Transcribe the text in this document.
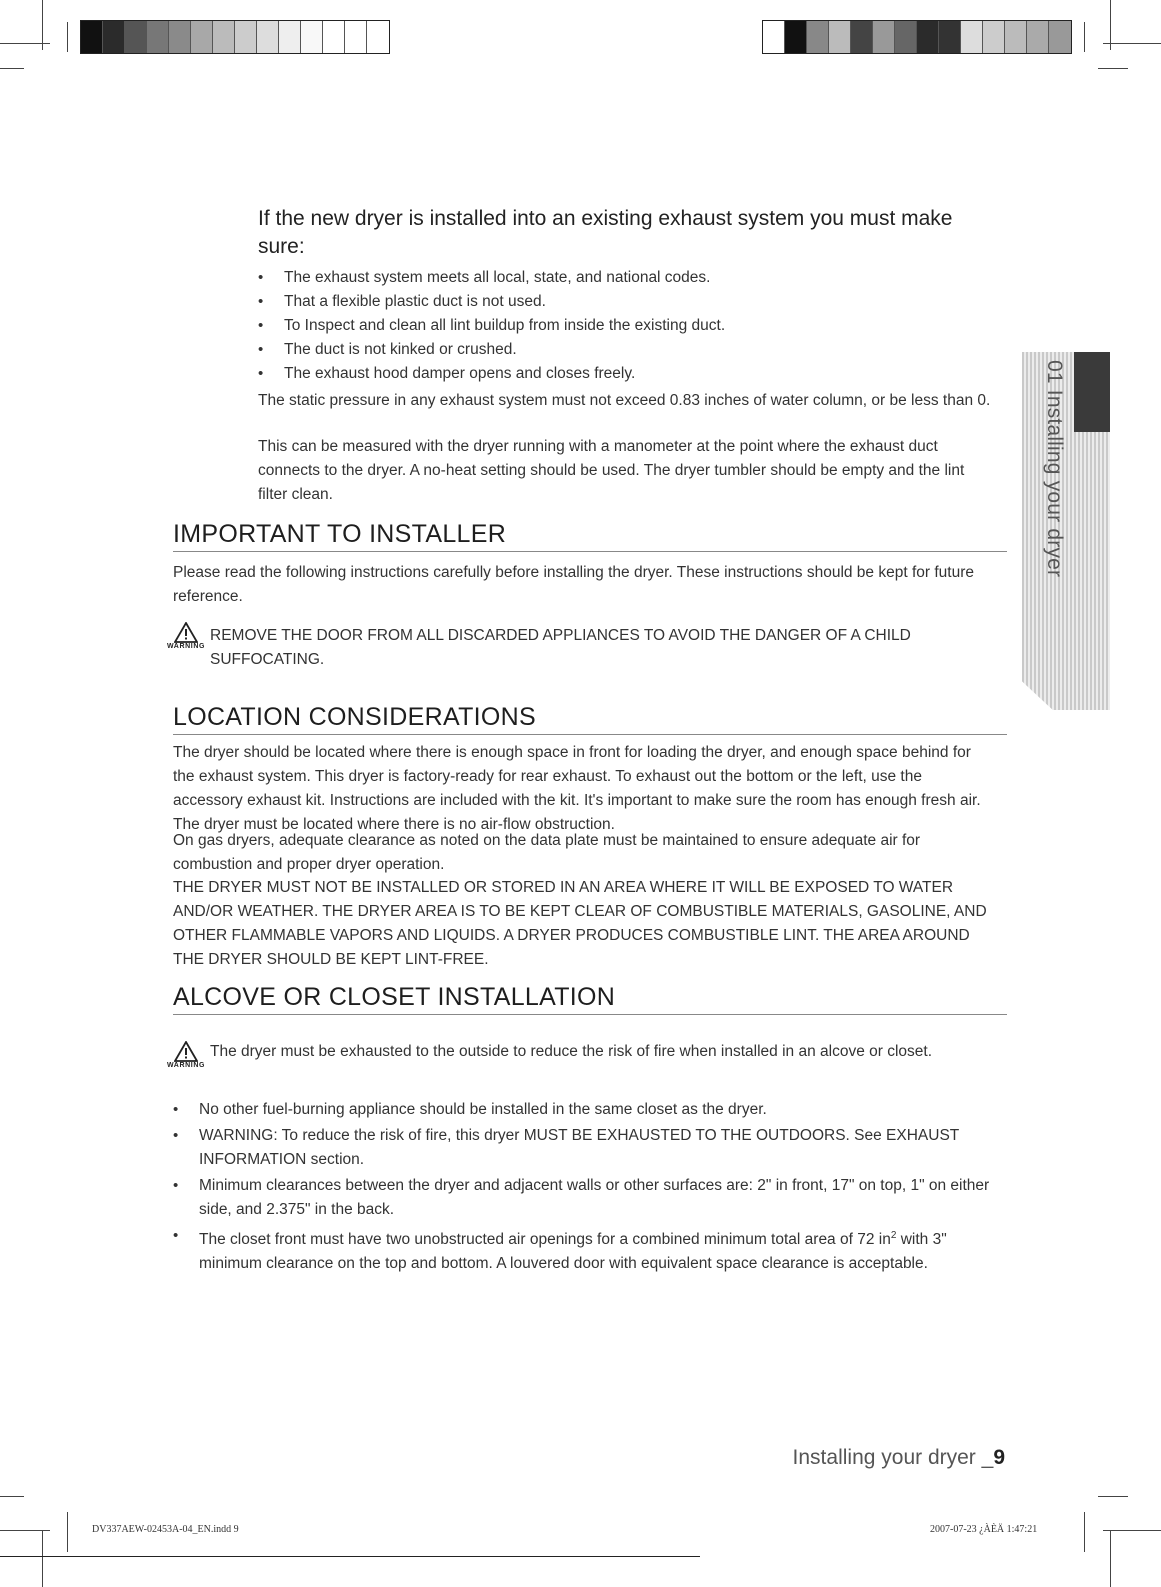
01 Installing your dryer
If the new dryer is installed into an existing exhaust system you must make sure:
• The exhaust system meets all local, state, and national codes.
• That a flexible plastic duct is not used.
• To Inspect and clean all lint buildup from inside the existing duct.
• The duct is not kinked or crushed.
• The exhaust hood damper opens and closes freely.

The static pressure in any exhaust system must not exceed 0.83 inches of water column, or be less than 0.

This can be measured with the dryer running with a manometer at the point where the exhaust duct connects to the dryer. A no-heat setting should be used. The dryer tumbler should be empty and the lint filter clean.

IMPORTANT TO INSTALLER

Please read the following instructions carefully before installing the dryer. These instructions should be kept for future reference.

WARNING

REMOVE THE DOOR FROM ALL DISCARDED APPLIANCES TO AVOID THE DANGER OF A CHILD SUFFOCATING.

LOCATION CONSIDERATIONS

The dryer should be located where there is enough space in front for loading the dryer, and enough space behind for the exhaust system. This dryer is factory-ready for rear exhaust. To exhaust out the bottom or the left, use the accessory exhaust kit. Instructions are included with the kit. It's important to make sure the room has enough fresh air. The dryer must be located where there is no air-flow obstruction.

On gas dryers, adequate clearance as noted on the data plate must be maintained to ensure adequate air for combustion and proper dryer operation.

THE DRYER MUST NOT BE INSTALLED OR STORED IN AN AREA WHERE IT WILL BE EXPOSED TO WATER AND/OR WEATHER. THE DRYER AREA IS TO BE KEPT CLEAR OF COMBUSTIBLE MATERIALS, GASOLINE, AND OTHER FLAMMABLE VAPORS AND LIQUIDS. A DRYER PRODUCES COMBUSTIBLE LINT. THE AREA AROUND THE DRYER SHOULD BE KEPT LINT-FREE.

ALCOVE OR CLOSET INSTALLATION
WARNING

The dryer must be exhausted to the outside to reduce the risk of fire when installed in an alcove or closet.

• No other fuel-burning appliance should be installed in the same closet as the dryer.
• WARNING: To reduce the risk of fire, this dryer MUST BE EXHAUSTED TO THE OUTDOORS. See EXHAUST INFORMATION section.
• Minimum clearances between the dryer and adjacent walls or other surfaces are: 2" in front, 17" on top, 1" on either side, and 2.375" in the back.
• The closet front must have two unobstructed air openings for a combined minimum total area of 72 $in^2$ with 3" minimum clearance on the top and bottom. A louvered door with equivalent space clearance is acceptable.
Installing your dryer _9
DV337AEW-02453A-04_EN.indd 9	2007-07-23 ¿ÀÈÄ 1:47:21
